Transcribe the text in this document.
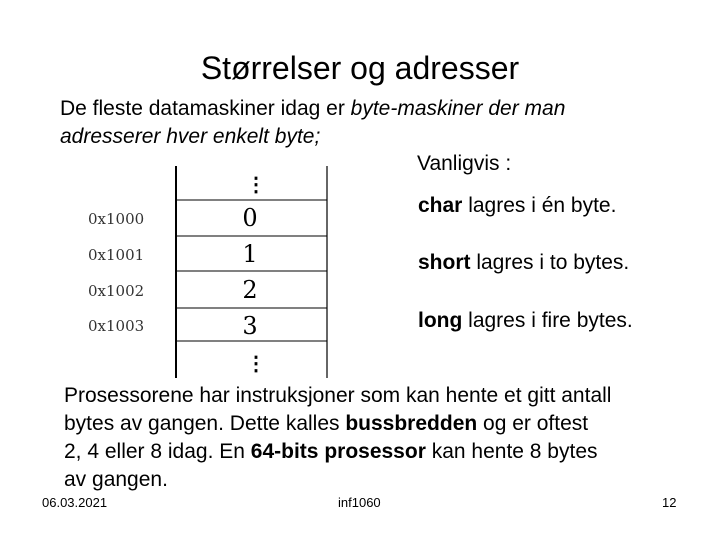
Størrelser og adresser
De fleste datamaskiner idag er byte-maskiner der man
adresserer hver enkelt byte;
Vanligvis :
char lagres i én byte.
short lagres i to bytes.
long lagres i fire bytes.
⋮
⋮
0x1000
0x1001
0x1002
0x1003
0
1
2
3
Prosessorene har instruksjoner som kan hente et gitt antall
bytes av gangen. Dette kalles bussbredden og er oftest
2, 4 eller 8 idag. En 64-bits prosessor kan hente 8 bytes
av gangen.
06.03.2021	inf1060	12
